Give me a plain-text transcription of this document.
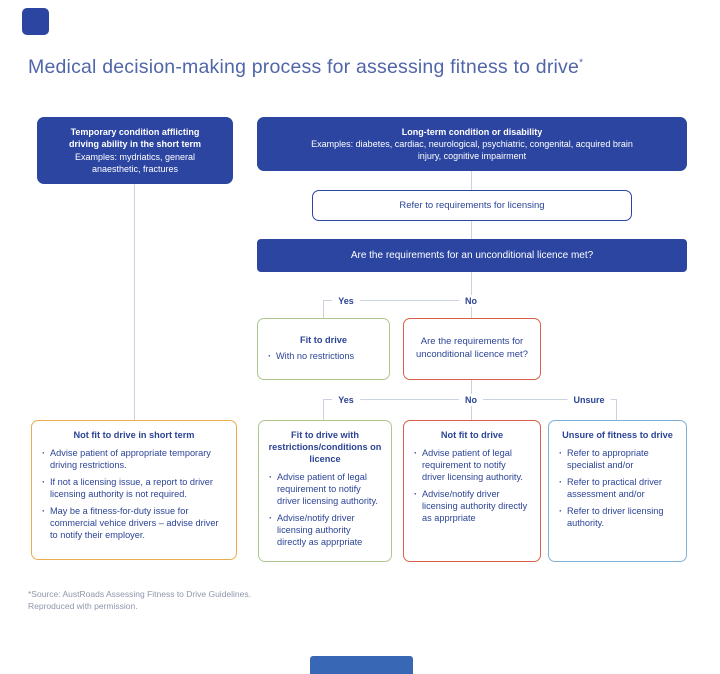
Medical decision-making process for assessing fitness to drive*
Temporary condition afflicting driving ability in the short term
Examples: mydriatics, general anaesthetic, fractures
Long-term condition or disability
Examples: diabetes, cardiac, neurological, psychiatric, congenital, acquired brain injury, cognitive impairment
Refer to requirements for licensing
Are the requirements for an unconditional licence met?
Yes	No
Fit to drive
· With no restrictions
Are the requirements for unconditional licence met?
Yes	No	Unsure
Not fit to drive in short term
· Advise patient of appropriate temporary driving restrictions.
· If not a licensing issue, a report to driver licensing authority is not required.
· May be a fitness-for-duty issue for commercial vehice drivers – advise driver to notify their employer.
Fit to drive with restrictions/conditions on licence
· Advise patient of legal requirement to notify driver licensing authority.
· Advise/notify driver licensing authority directly as apprpriate
Not fit to drive
· Advise patient of legal requirement to notify driver licensing authority.
· Advise/notify driver licensing authority directly as apprpriate
Unsure of fitness to drive
· Refer to appropriate specialist and/or
· Refer to practical driver assessment and/or
· Refer to driver licensing authority.
*Source: AustRoads Assessing Fitness to Drive Guidelines.
Reproduced with permission.
